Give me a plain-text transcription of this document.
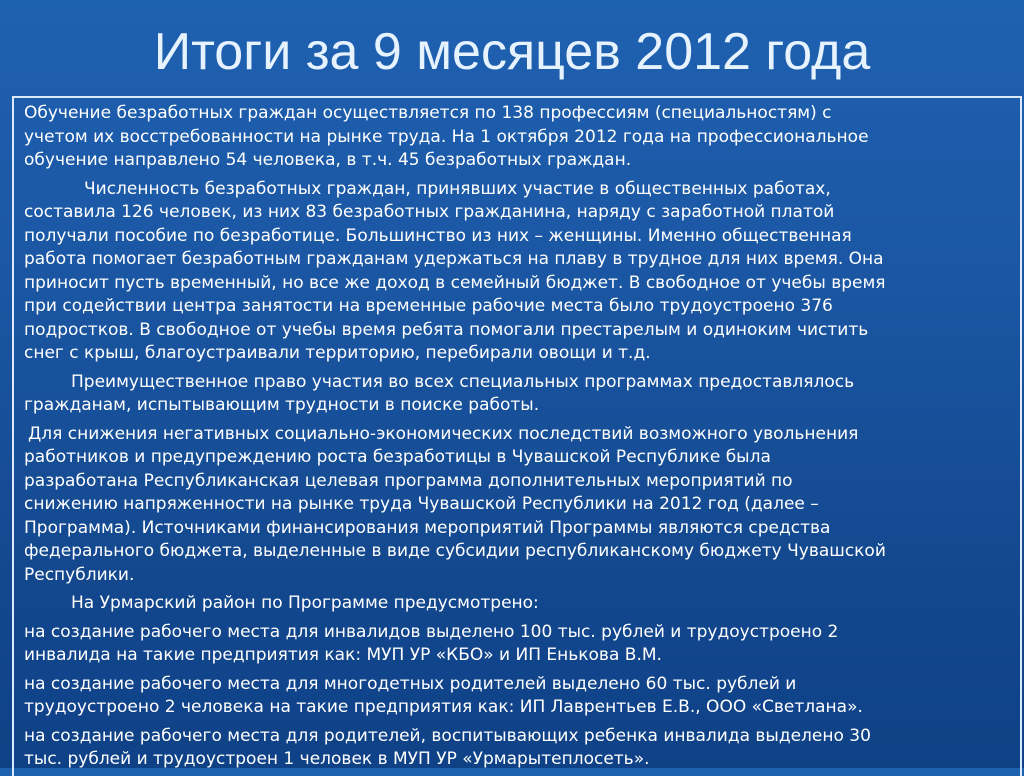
Итоги за 9 месяцев 2012 года
Обучение безработных граждан осуществляется по 138 профессиям (специальностям) с
учетом их восстребованности на рынке труда. На 1 октября 2012 года на профессиональное
обучение направлено 54 человека, в т.ч. 45 безработных граждан.
Численность безработных граждан, принявших участие в общественных работах,
составила 126 человек, из них 83 безработных гражданина, наряду с заработной платой
получали пособие по безработице. Большинство из них – женщины. Именно общественная
работа помогает безработным гражданам удержаться на плаву в трудное для них время. Она
приносит пусть временный, но все же доход в семейный бюджет. В свободное от учебы время
при содействии центра занятости на временные рабочие места было трудоустроено 376
подростков. В свободное от учебы время ребята помогали престарелым и одиноким чистить
снег с крыш, благоустраивали территорию, перебирали овощи и т.д.
Преимущественное право участия во всех специальных программах предоставлялось
гражданам, испытывающим трудности в поиске работы.
Для снижения негативных социально-экономических последствий возможного увольнения
работников и предупреждению роста безработицы в Чувашской Республике была
разработана Республиканская целевая программа дополнительных мероприятий по
снижению напряженности на рынке труда Чувашской Республики на 2012 год (далее –
Программа). Источниками финансирования мероприятий Программы являются средства
федерального бюджета, выделенные в виде субсидии республиканскому бюджету Чувашской
Республики.
На Урмарский район по Программе предусмотрено:
на создание рабочего места для инвалидов выделено 100 тыс. рублей и трудоустроено 2
инвалида на такие предприятия как: МУП УР «КБО» и ИП Енькова В.М.
на создание рабочего места для многодетных родителей выделено 60 тыс. рублей и
трудоустроено 2 человека на такие предприятия как: ИП Лаврентьев Е.В., ООО «Светлана».
на создание рабочего места для родителей, воспитывающих ребенка инвалида выделено 30
тыс. рублей и трудоустроен 1 человек в МУП УР «Урмарытеплосеть».
